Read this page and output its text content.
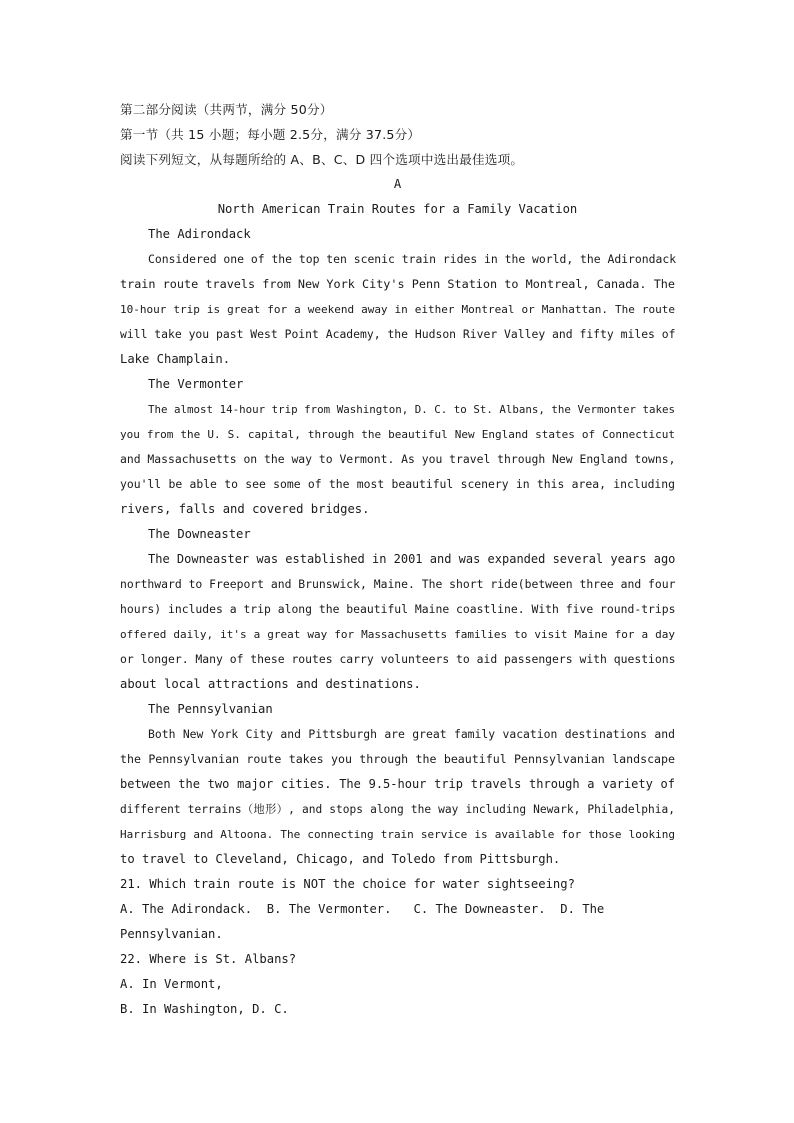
第二部分阅读（共两节，满分 50分）
第一节（共 15 小题；每小题 2.5分，满分 37.5分）
阅读下列短文，从每题所给的 A、B、C、D 四个选项中选出最佳选项。
A
North American Train Routes for a Family Vacation
The Adirondack
Considered one of the top ten scenic train rides in the world, the Adirondack
train route travels from New York City's Penn Station to Montreal, Canada. The
10-hour trip is great for a weekend away in either Montreal or Manhattan. The route
will take you past West Point Academy, the Hudson River Valley and fifty miles of
Lake Champlain.
The Vermonter
The almost 14-hour trip from Washington, D. C. to St. Albans, the Vermonter takes
you from the U. S. capital, through the beautiful New England states of Connecticut
and Massachusetts on the way to Vermont. As you travel through New England towns,
you'll be able to see some of the most beautiful scenery in this area, including
rivers, falls and covered bridges.
The Downeaster
The Downeaster was established in 2001 and was expanded several years ago
northward to Freeport and Brunswick, Maine. The short ride(between three and four
hours) includes a trip along the beautiful Maine coastline. With five round-trips
offered daily, it's a great way for Massachusetts families to visit Maine for a day
or longer. Many of these routes carry volunteers to aid passengers with questions
about local attractions and destinations.
The Pennsylvanian
Both New York City and Pittsburgh are great family vacation destinations and
the Pennsylvanian route takes you through the beautiful Pennsylvanian landscape
between the two major cities. The 9.5-hour trip travels through a variety of
different terrains（地形）, and stops along the way including Newark, Philadelphia,
Harrisburg and Altoona. The connecting train service is available for those looking
to travel to Cleveland, Chicago, and Toledo from Pittsburgh.
21. Which train route is NOT the choice for water sightseeing?
A. The Adirondack.  B. The Vermonter.   C. The Downeaster.  D. The
Pennsylvanian.
22. Where is St. Albans?
A. In Vermont,
B. In Washington, D. C.
